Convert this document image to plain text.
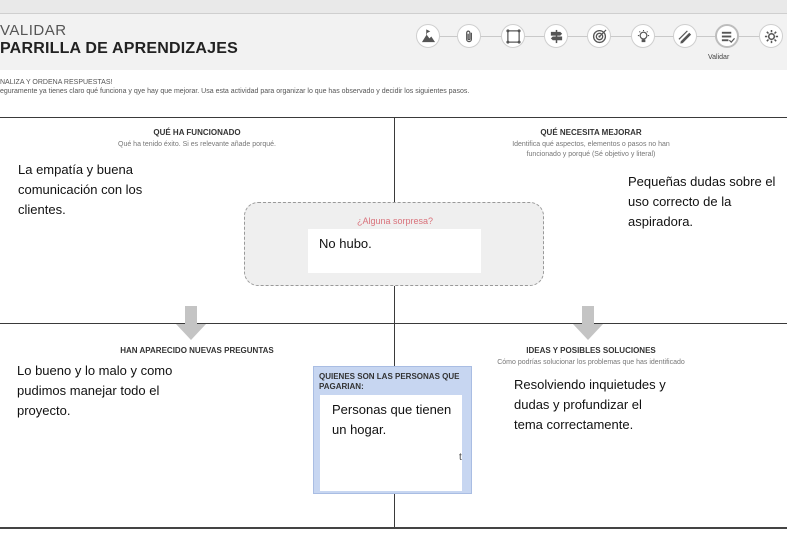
VALIDAR
PARRILLA DE APRENDIZAJES
Validar
NALIZA Y ORDENA RESPUESTAS!
eguramente ya tienes claro qué funciona y qye hay que mejorar. Usa esta actividad para organizar lo que has observado y decidir los siguientes pasos.
QUÉ HA FUNCIONADO
Qué ha tenido éxito. Si es relevante añade porqué.
La empatía y buena comunicación con los clientes.
QUÉ NECESITA MEJORAR
Identifica qué aspectos, elementos o pasos no han
funcionado y porqué (Sé objetivo y literal)
Pequeñas dudas sobre el uso correcto de la aspiradora.
HAN APARECIDO NUEVAS PREGUNTAS
Lo bueno y lo malo y como pudimos manejar todo el proyecto.
IDEAS Y POSIBLES SOLUCIONES
Cómo podrías solucionar los problemas que has identificado
Resolviendo inquietudes y dudas y profundizar el tema correctamente.
¿Alguna sorpresa?
No hubo.
QUIENES SON LAS PERSONAS QUE PAGARIAN:
Personas que tienen un hogar.
t
